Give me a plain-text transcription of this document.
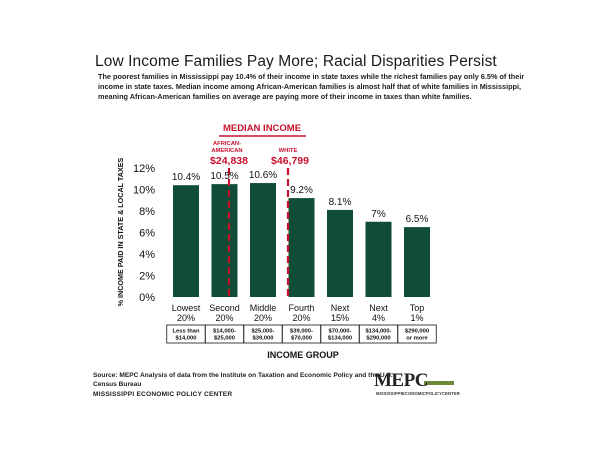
Low Income Families Pay More; Racial Disparities Persist
The poorest families in Mississippi pay 10.4% of their income in state taxes while the richest families pay only 6.5% of their income in state taxes. Median income among African-American families is almost half that of white families in Mississippi, meaning African-American families on average are paying more of their income in taxes than white families.
% INCOME PAID IN STATE & LOCAL TAXES 0%
2%
4%
6%
8%
10%
12%
MEDIAN INCOME
AFRICAN-
AMERICAN
$24,838
WHITE
$46,799
10.4% 10.5% 10.6%
9.2%
8.1%
7% 6.5%
Lowest
20%
Second
20%
Middle
20%
Fourth
20%
Next
15%
Next
4%
Top
1%
Less than
$14,000
$14,000-
$25,000
$25,000-
$39,000
$39,000-
$70,000
$70,000-
$134,000
$134,000-
$290,000
$290,000
or more
INCOME GROUP
Source: MEPC Analysis of data from the Institute on Taxation and Economic Policy and the U.S. Census Bureau
MISSISSIPPI ECONOMIC POLICY CENTER
MEPC
MISSISSIPPIECONOMICPOLICYCENTER
